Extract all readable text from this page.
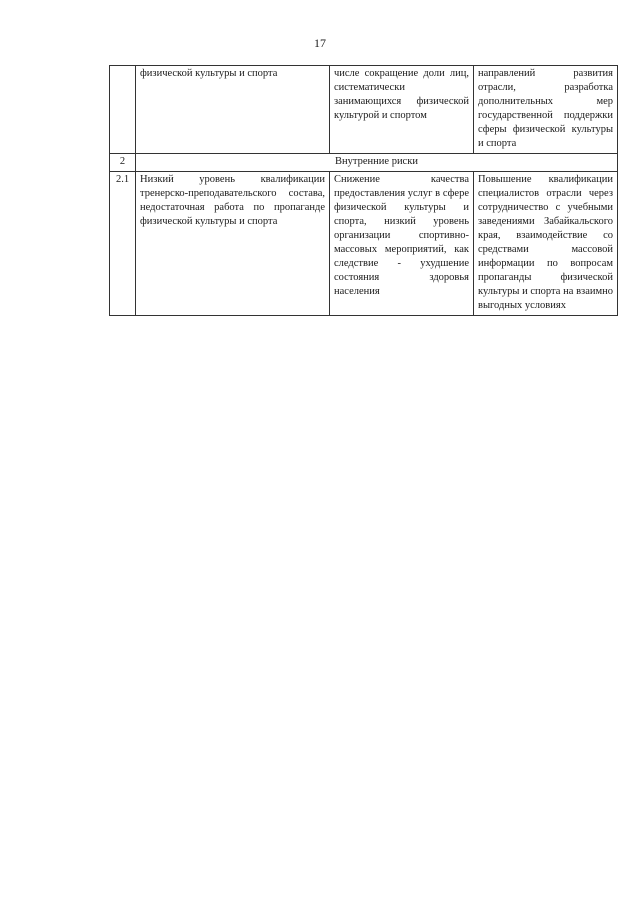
17
	физической культуры и спорта	числе сокращение доли лиц, систематически занимающихся физической культурой и спортом	направлений развития отрасли, разработка дополнительных мер государственной поддержки сферы физической культуры и спорта
2	Внутренние риски		
2.1	Низкий уровень квалификации тренерско-преподавательского состава, недостаточная работа по пропаганде физической культуры и спорта	Снижение качества предоставления услуг в сфере физической культуры и спорта, низкий уровень организации спортивно-массовых мероприятий, как следствие - ухудшение состояния здоровья населения	Повышение квалификации специалистов отрасли через сотрудничество с учебными заведениями Забайкальского края, взаимодействие со средствами массовой информации по вопросам пропаганды физической культуры и спорта на взаимно выгодных условиях
